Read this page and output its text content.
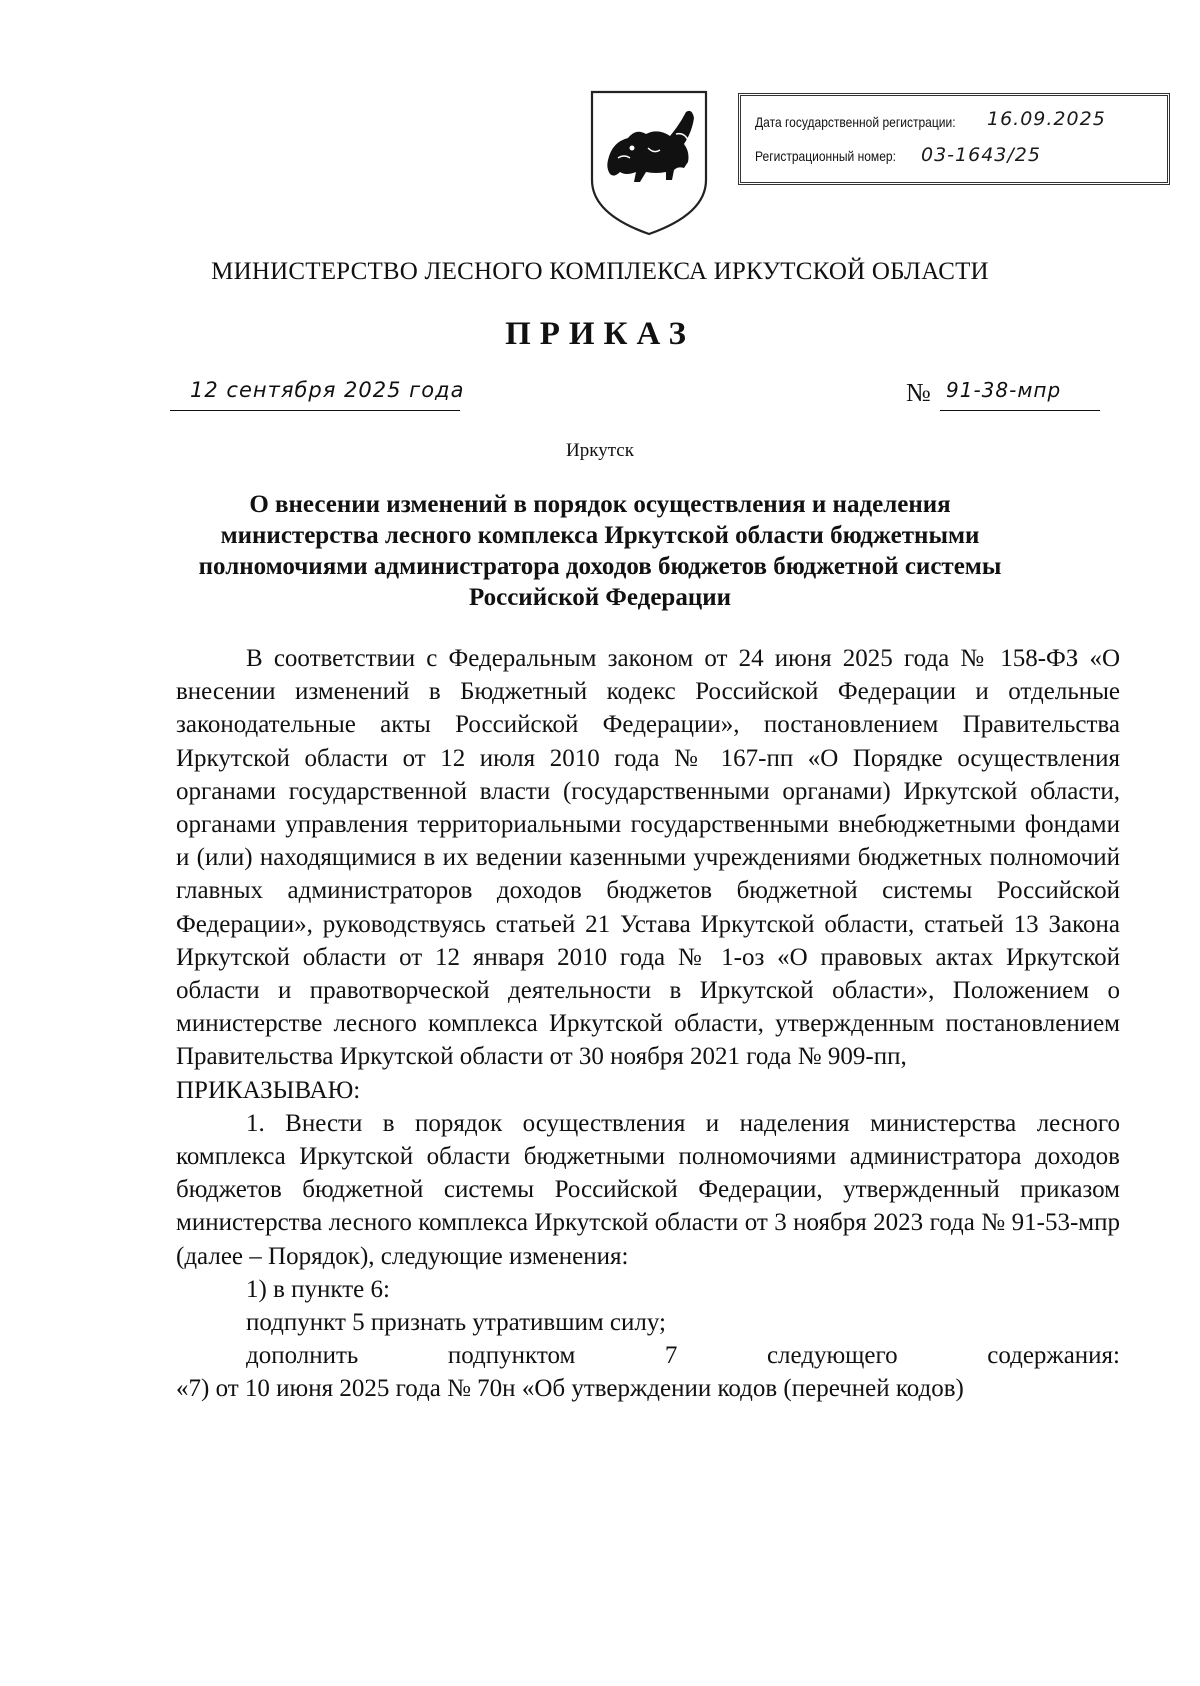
Дата государственной регистрации: 16.09.2025
Регистрационный номер: 03-1643/25
МИНИСТЕРСТВО ЛЕСНОГО КОМПЛЕКСА ИРКУТСКОЙ ОБЛАСТИ
ПРИКАЗ
12 сентября 2025 года	№ 91-38-мпр
Иркутск
О внесении изменений в порядок осуществления и наделения
министерства лесного комплекса Иркутской области бюджетными
полномочиями администратора доходов бюджетов бюджетной системы
Российской Федерации

В соответствии с Федеральным законом от 24 июня 2025 года № 158-ФЗ «О внесении изменений в Бюджетный кодекс Российской Федерации и отдельные законодательные акты Российской Федерации», постановлением Правительства Иркутской области от 12 июля 2010 года № 167-пп «О Порядке осуществления органами государственной власти (государственными органами) Иркутской области, органами управления территориальными государственными внебюджетными фондами и (или) находящимися в их ведении казенными учреждениями бюджетных полномочий главных администраторов доходов бюджетов бюджетной системы Российской Федерации», руководствуясь статьей 21 Устава Иркутской области, статьей 13 Закона Иркутской области от 12 января 2010 года № 1-оз «О правовых актах Иркутской области и правотворческой деятельности в Иркутской области», Положением о министерстве лесного комплекса Иркутской области, утвержденным постановлением Правительства Иркутской области от 30 ноября 2021 года № 909-пп,

ПРИКАЗЫВАЮ:

1. Внести в порядок осуществления и наделения министерства лесного комплекса Иркутской области бюджетными полномочиями администратора доходов бюджетов бюджетной системы Российской Федерации, утвержденный приказом министерства лесного комплекса Иркутской области от 3 ноября 2023 года № 91-53-мпр (далее – Порядок), следующие изменения:

1) в пункте 6:

подпункт 5 признать утратившим силу;

дополнить подпунктом 7 следующего содержания:

«7) от 10 июня 2025 года № 70н «Об утверждении кодов (перечней кодов)
